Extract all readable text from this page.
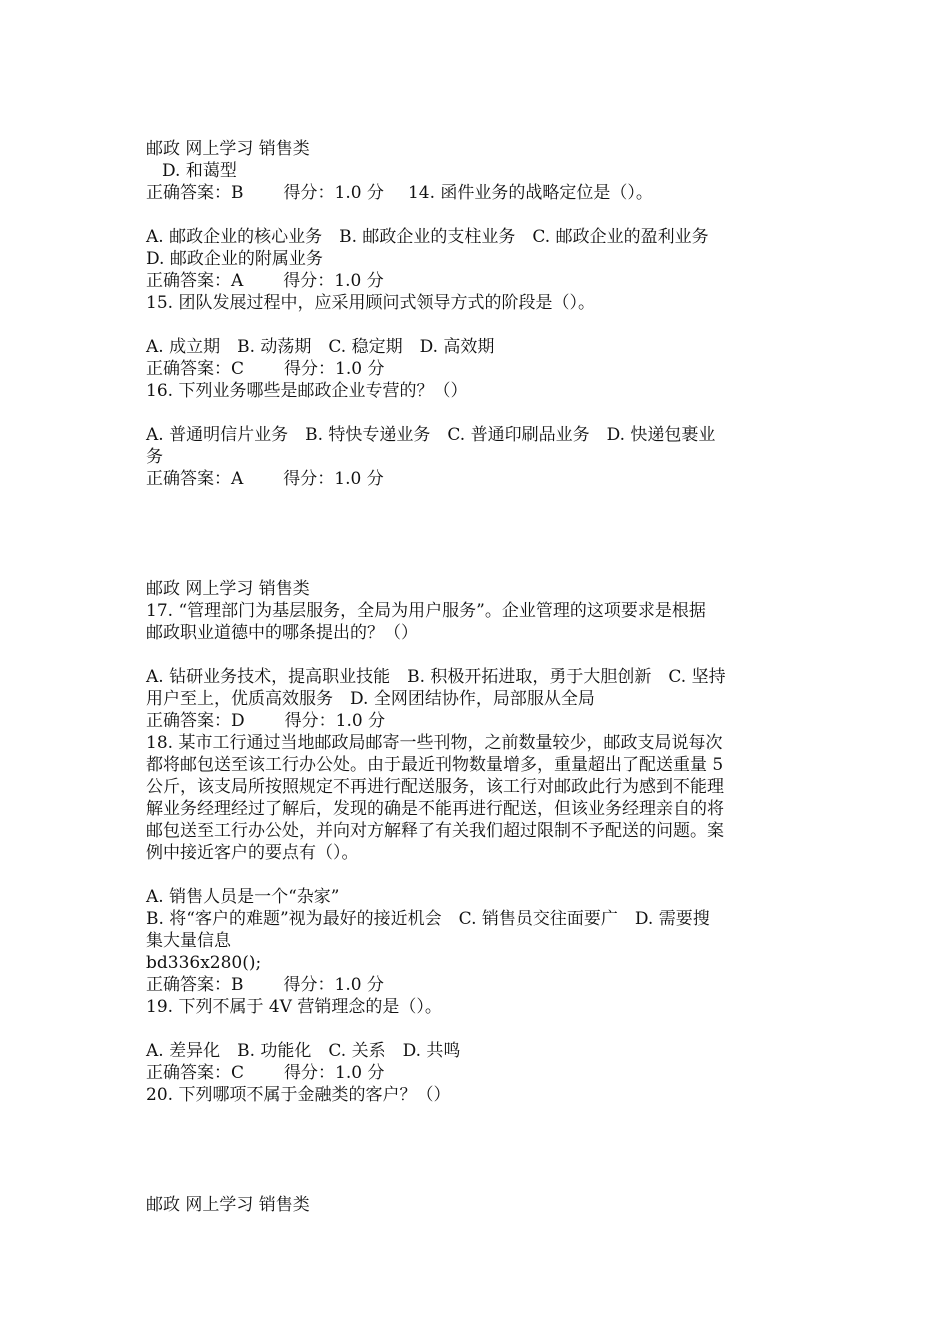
邮政 网上学习 销售类
D. 和蔼型
正确答案：B 得分：1.0 分 14. 函件业务的战略定位是（）。
A. 邮政企业的核心业务　B. 邮政企业的支柱业务　C. 邮政企业的盈利业务
D. 邮政企业的附属业务
正确答案：A 得分：1.0 分
15. 团队发展过程中，应采用顾问式领导方式的阶段是（）。
A. 成立期　B. 动荡期　C. 稳定期　D. 高效期
正确答案：C 得分：1.0 分
16. 下列业务哪些是邮政企业专营的？（）
A. 普通明信片业务　B. 特快专递业务　C. 普通印刷品业务　D. 快递包裹业
务
正确答案：A 得分：1.0 分
邮政 网上学习 销售类
17. “管理部门为基层服务，全局为用户服务”。企业管理的这项要求是根据
邮政职业道德中的哪条提出的？（）
A. 钻研业务技术，提高职业技能　B. 积极开拓进取，勇于大胆创新　C. 坚持
用户至上，优质高效服务　D. 全网团结协作，局部服从全局
正确答案：D 得分：1.0 分
18. 某市工行通过当地邮政局邮寄一些刊物，之前数量较少，邮政支局说每次
都将邮包送至该工行办公处。由于最近刊物数量增多，重量超出了配送重量 5
公斤，该支局所按照规定不再进行配送服务，该工行对邮政此行为感到不能理
解业务经理经过了解后，发现的确是不能再进行配送，但该业务经理亲自的将
邮包送至工行办公处，并向对方解释了有关我们超过限制不予配送的问题。案
例中接近客户的要点有（）。
A. 销售人员是一个“杂家”
B. 将“客户的难题”视为最好的接近机会　C. 销售员交往面要广　D. 需要搜
集大量信息
bd336x280();
正确答案：B 得分：1.0 分
19. 下列不属于 4V 营销理念的是（）。
A. 差异化　B. 功能化　C. 关系　D. 共鸣
正确答案：C 得分：1.0 分
20. 下列哪项不属于金融类的客户？（）
邮政 网上学习 销售类
